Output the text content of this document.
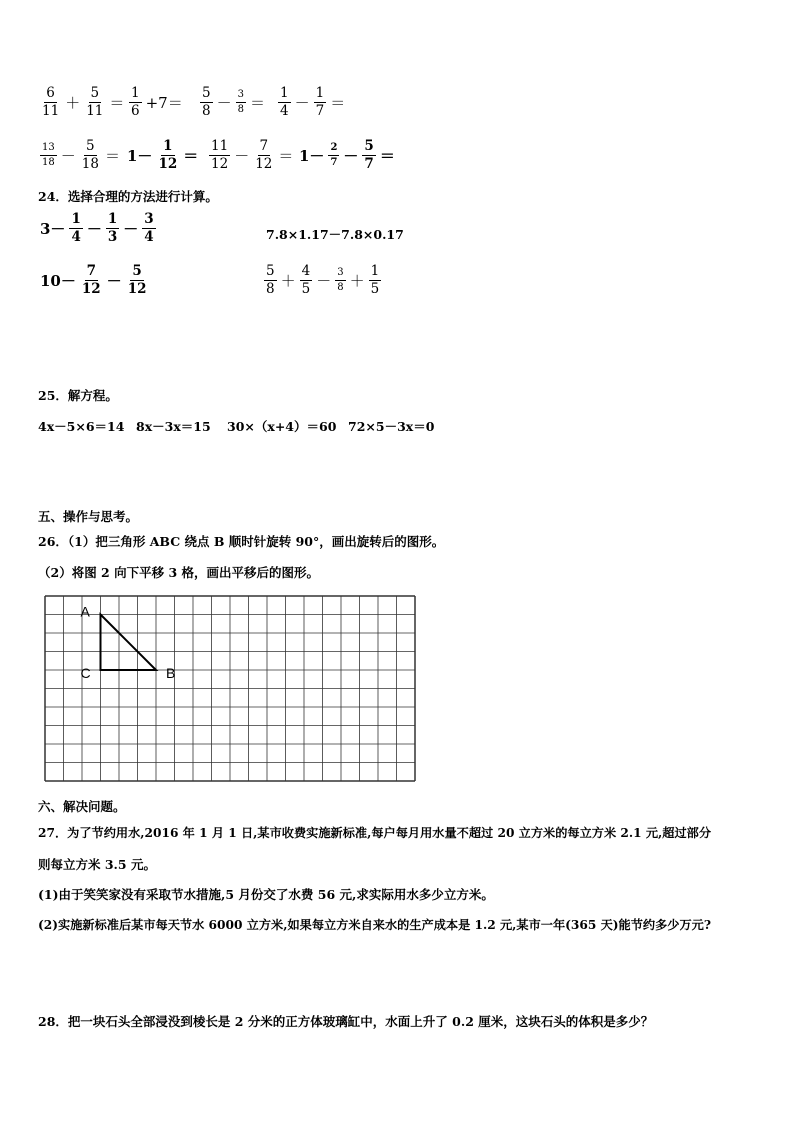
$\frac{6}{11} + \frac{5}{11} = \frac{1}{6} +7= \frac{5}{8} - \frac{3}{8} = \frac{1}{4} - \frac{1}{7}$ ＝
$\frac{13}{18} - \frac{5}{18} = 1- \frac{1}{12} = \frac{11}{12} - \frac{7}{12} = 1- \frac{2}{7} - \frac{5}{7}$ ＝
24．选择合理的方法进行计算。
$3- \frac{1}{4} - \frac{1}{3} - \frac{3}{4}$	7.8×1.17－7.8×0.17
$10- \frac{7}{12} - \frac{5}{12}$	$\frac{5}{8} + \frac{4}{5} - \frac{3}{8} + \frac{1}{5}$
25．解方程。
4x－5×6＝14 8x－3x＝15 30×（x+4）＝60 72×5－3x＝0
五、操作与思考。
26．（1）把三角形 ABC 绕点 B 顺时针旋转 90°，画出旋转后的图形。
（2）将图 2 向下平移 3 格，画出平移后的图形。
A
C	B
六、解决问题。
27．为了节约用水,2016 年 1 月 1 日,某市收费实施新标准,每户每月用水量不超过 20 立方米的每立方米 2.1 元,超过部分
则每立方米 3.5 元。
(1)由于笑笑家没有采取节水措施,5 月份交了水费 56 元,求实际用水多少立方米。
(2)实施新标准后某市每天节水 6000 立方米,如果每立方米自来水的生产成本是 1.2 元,某市一年(365 天)能节约多少万元?
28．把一块石头全部浸没到棱长是 2 分米的正方体玻璃缸中，水面上升了 0.2 厘米，这块石头的体积是多少？
